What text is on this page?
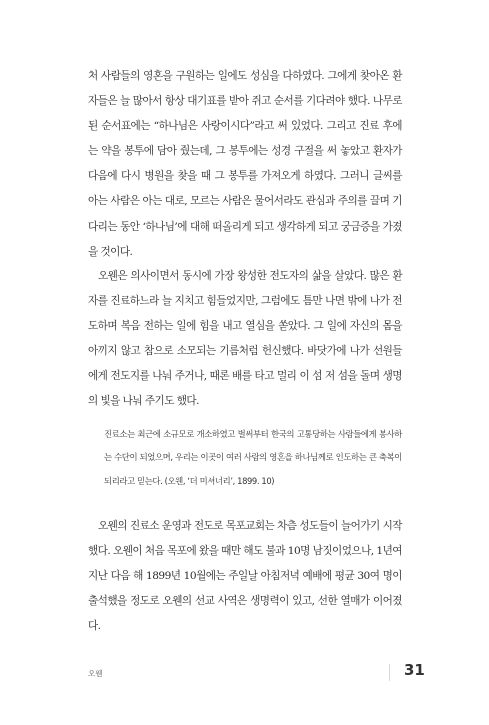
처 사람들의 영혼을 구원하는 일에도 성심을 다하였다. 그에게 찾아온 환자들은 늘 많아서 항상 대기표를 받아 쥐고 순서를 기다려야 했다. 나무로 된 순서표에는 “하나님은 사랑이시다”라고 써 있었다. 그리고 진료 후에는 약을 봉투에 담아 줬는데, 그 봉투에는 성경 구절을 써 놓았고 환자가 다음에 다시 병원을 찾을 때 그 봉투를 가져오게 하였다. 그러니 글씨를 아는 사람은 아는 대로, 모르는 사람은 물어서라도 관심과 주의를 끌며 기다리는 동안 ‘하나님’에 대해 떠올리게 되고 생각하게 되고 궁금증을 가졌을 것이다.

오웬은 의사이면서 동시에 가장 왕성한 전도자의 삶을 살았다. 많은 환자를 진료하느라 늘 지치고 힘들었지만, 그럼에도 틈만 나면 밖에 나가 전도하며 복음 전하는 일에 힘을 내고 열심을 쏟았다. 그 일에 자신의 몸을 아끼지 않고 참으로 소모되는 기름처럼 헌신했다. 바닷가에 나가 선원들에게 전도지를 나눠 주거나, 때론 배를 타고 멀리 이 섬 저 섬을 돌며 생명의 빛을 나눠 주기도 했다.

진료소는 최근에 소규모로 개소하였고 벌써부터 한국의 고통당하는 사람들에게 봉사하는 수단이 되었으며, 우리는 이곳이 여러 사람의 영혼을 하나님께로 인도하는 큰 축복이 되리라고 믿는다. (오웬, ‘더 미셔너리’, 1899. 10)

오웬의 진료소 운영과 전도로 목포교회는 차츰 성도들이 늘어가기 시작했다. 오웬이 처음 목포에 왔을 때만 해도 불과 10명 남짓이었으나, 1년여 지난 다음 해 1899년 10월에는 주일날 아침저녁 예배에 평균 30여 명이 출석했을 정도로 오웬의 선교 사역은 생명력이 있고, 선한 열매가 이어졌다.

오웬	31
